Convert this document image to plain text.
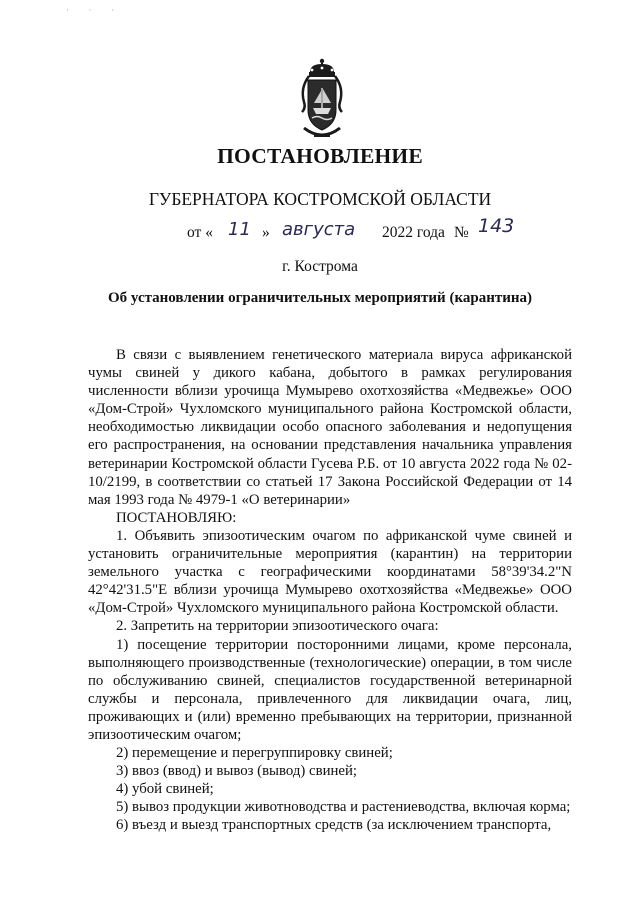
· · ·
ПОСТАНОВЛЕНИЕ
ГУБЕРНАТОРА КОСТРОМСКОЙ ОБЛАСТИ
от « 11 » августа 2022 года № 143
г. Кострома
Об установлении ограничительных мероприятий (карантина)

В связи с выявлением генетического материала вируса африканской чумы свиней у дикого кабана, добытого в рамках регулирования численности вблизи урочища Мумырево охотхозяйства «Медвежье» ООО «Дом-Строй» Чухломского муниципального района Костромской области, необходимостью ликвидации особо опасного заболевания и недопущения его распространения, на основании представления начальника управления ветеринарии Костромской области Гусева Р.Б. от 10 августа 2022 года № 02-10/2199, в соответствии со статьей 17 Закона Российской Федерации от 14 мая 1993 года № 4979-1 «О ветеринарии»

ПОСТАНОВЛЯЮ:

1. Объявить эпизоотическим очагом по африканской чуме свиней и установить ограничительные мероприятия (карантин) на территории земельного участка с географическими координатами 58°39'34.2"N 42°42'31.5"E вблизи урочища Мумырево охотхозяйства «Медвежье» ООО «Дом-Строй» Чухломского муниципального района Костромской области.

2. Запретить на территории эпизоотического очага:

1) посещение территории посторонними лицами, кроме персонала, выполняющего производственные (технологические) операции, в том числе по обслуживанию свиней, специалистов государственной ветеринарной службы и персонала, привлеченного для ликвидации очага, лиц, проживающих и (или) временно пребывающих на территории, признанной эпизоотическим очагом;

2) перемещение и перегруппировку свиней;

3) ввоз (ввод) и вывоз (вывод) свиней;

4) убой свиней;

5) вывоз продукции животноводства и растениеводства, включая корма;

6) въезд и выезд транспортных средств (за исключением транспорта,
